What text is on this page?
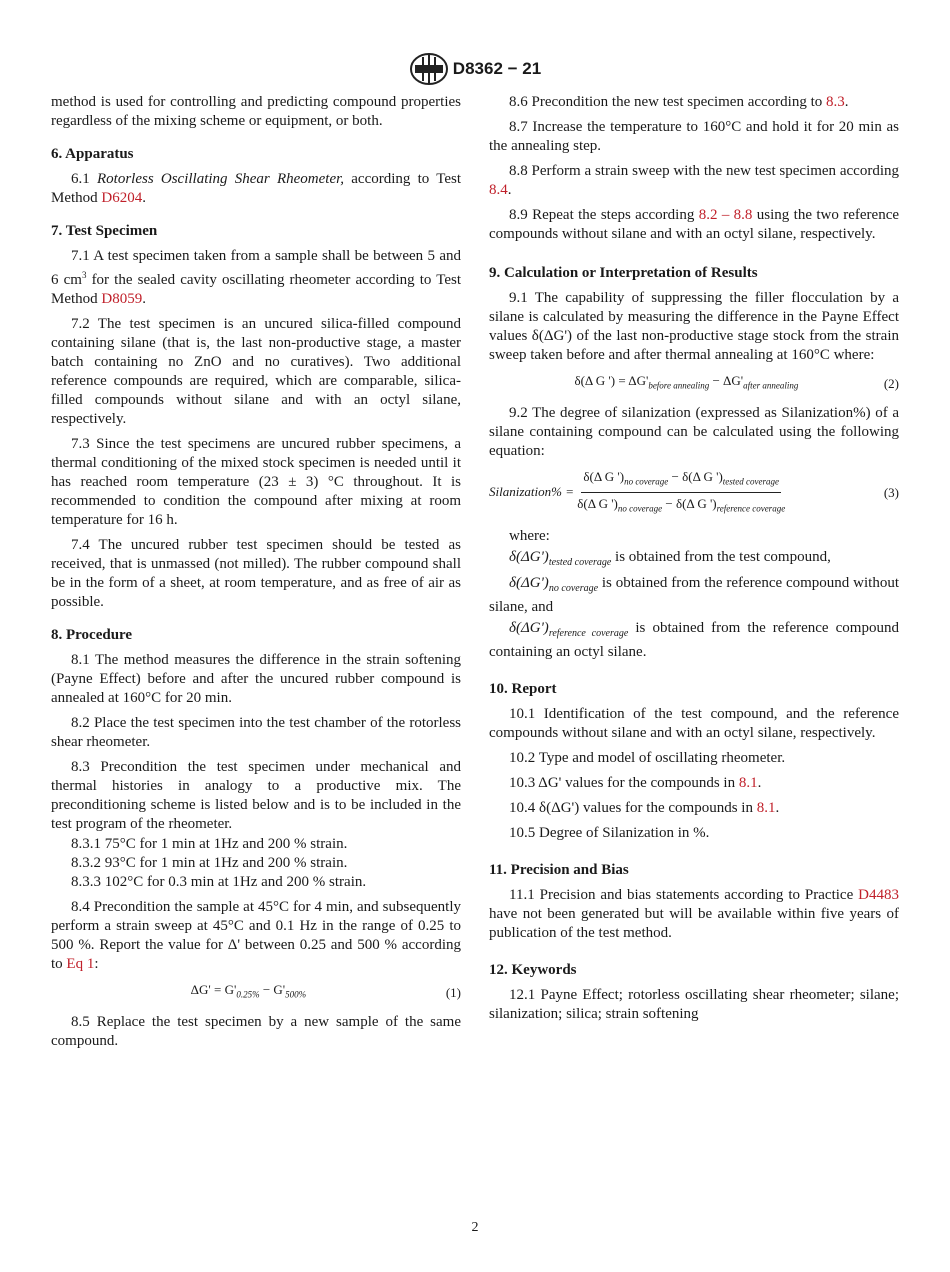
D8362 − 21

method is used for controlling and predicting compound properties regardless of the mixing scheme or equipment, or both.

6. Apparatus

6.1 Rotorless Oscillating Shear Rheometer, according to Test Method D6204.

7. Test Specimen

7.1 A test specimen taken from a sample shall be between 5 and 6 $cm^3$ for the sealed cavity oscillating rheometer according to Test Method D8059.

7.2 The test specimen is an uncured silica-filled compound containing silane (that is, the last non-productive stage, a master batch containing no ZnO and no curatives). Two additional reference compounds are required, which are comparable, silica-filled compounds without silane and with an octyl silane, respectively.

7.3 Since the test specimens are uncured rubber specimens, a thermal conditioning of the mixed stock specimen is needed until it has reached room temperature (23 ± 3) °C throughout. It is recommended to condition the compound after mixing at room temperature for 16 h.

7.4 The uncured rubber test specimen should be tested as received, that is unmassed (not milled). The rubber compound shall be in the form of a sheet, at room temperature, and as free of air as possible.

8. Procedure

8.1 The method measures the difference in the strain softening (Payne Effect) before and after the uncured rubber compound is annealed at 160°C for 20 min.

8.2 Place the test specimen into the test chamber of the rotorless shear rheometer.

8.3 Precondition the test specimen under mechanical and thermal histories in analogy to a productive mix. The preconditioning scheme is listed below and is to be included in the test program of the rheometer.

8.3.1 75°C for 1 min at 1Hz and 200 % strain.

8.3.2 93°C for 1 min at 1Hz and 200 % strain.

8.3.3 102°C for 0.3 min at 1Hz and 200 % strain.

8.4 Precondition the sample at 45°C for 4 min, and subsequently perform a strain sweep at 45°C and 0.1 Hz in the range of 0.25 to 500 %. Report the value for Δ' between 0.25 and 500 % according to Eq 1:

$\Delta G' = G'_{0.25\%} - G'_{500\%}$	(1)

8.5 Replace the test specimen by a new sample of the same compound.

8.6 Precondition the new test specimen according to 8.3.

8.7 Increase the temperature to 160°C and hold it for 20 min as the annealing step.

8.8 Perform a strain sweep with the new test specimen according 8.4.

8.9 Repeat the steps according 8.2 – 8.8 using the two reference compounds without silane and with an octyl silane, respectively.

9. Calculation or Interpretation of Results

9.1 The capability of suppressing the filler flocculation by a silane is calculated by measuring the difference in the Payne Effect values δ(ΔG') of the last non-productive stage stock from the strain sweep taken before and after thermal annealing at 160°C where:

δ(Δ G ') = $\Delta G'_{before annealing} - \Delta G'_{after annealing}$	(2)

9.2 The degree of silanization (expressed as Silanization%) of a silane containing compound can be calculated using the following equation:

Silanization% = $\frac{\delta(\Delta G ')_{no coverage} - \delta(\Delta G ')_{tested coverage}}{\delta(\Delta G ')_{no coverage} - \delta(\Delta G ')_{reference coverage}}$	(3)

where:

$\delta(\Delta G')_{tested coverage}$ is obtained from the test compound,

$\delta(\Delta G')_{no coverage}$ is obtained from the reference compound without silane, and

$\delta(\Delta G')_{reference coverage}$ is obtained from the reference compound containing an octyl silane.

10. Report

10.1 Identification of the test compound, and the reference compounds without silane and with an octyl silane, respectively.

10.2 Type and model of oscillating rheometer.

10.3 ΔG' values for the compounds in 8.1.

10.4 δ(ΔG') values for the compounds in 8.1.

10.5 Degree of Silanization in %.

11. Precision and Bias

11.1 Precision and bias statements according to Practice D4483 have not been generated but will be available within five years of publication of the test method.

12. Keywords

12.1 Payne Effect; rotorless oscillating shear rheometer; silane; silanization; silica; strain softening

2
